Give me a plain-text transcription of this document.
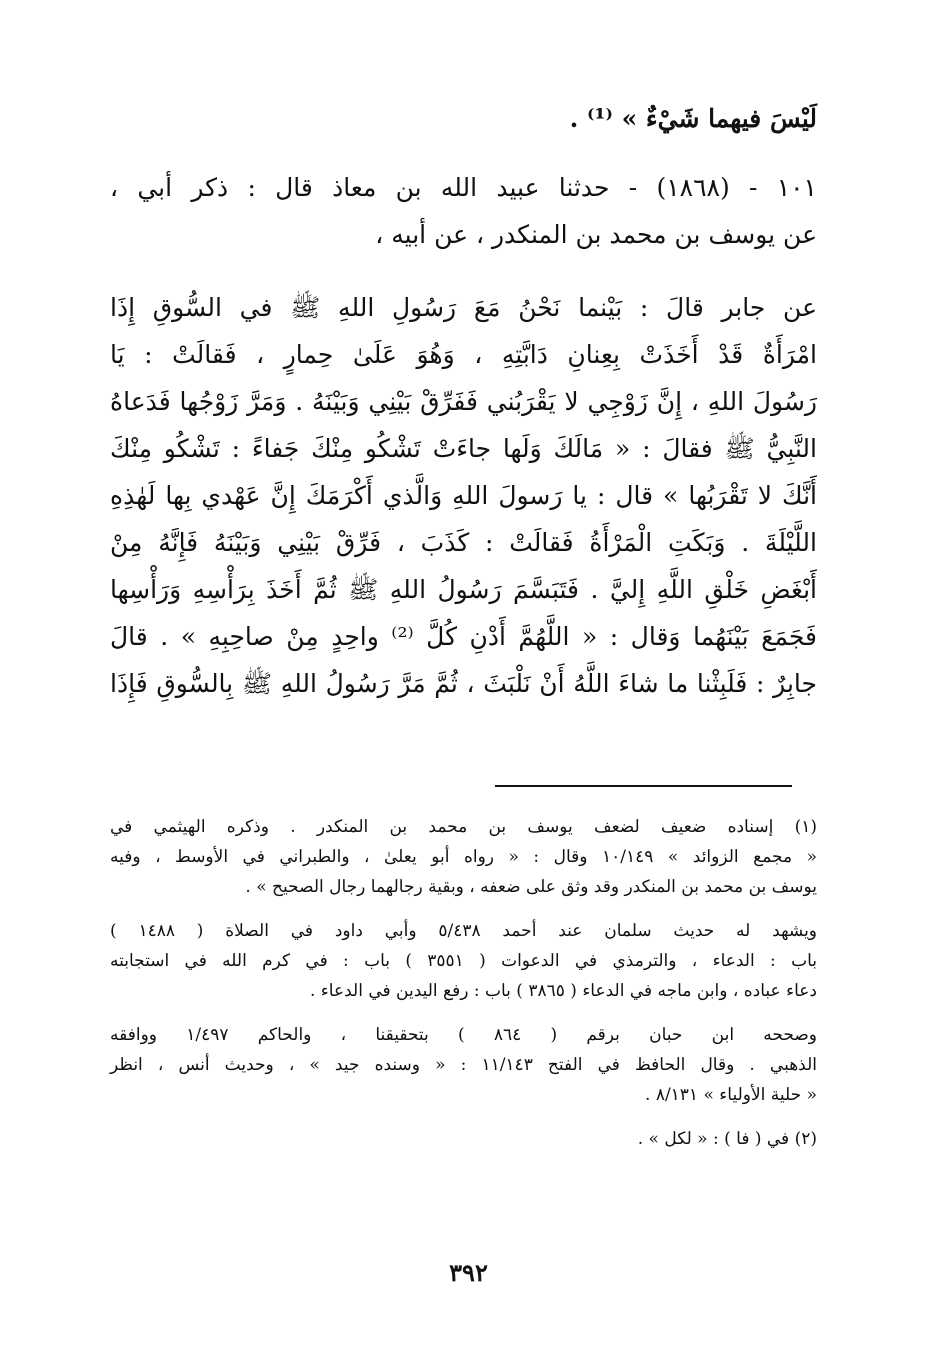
لَيْسَ فيهما شَيْءٌ » ⁽¹⁾ .
١٠١ - (١٨٦٨) - حدثنا عبيد الله بن معاذ قال : ذكر أبي ،
عن يوسف بن محمد بن المنكدر ، عن أبيه ،
عن جابر قالَ : بَيْنما نَحْنُ مَعَ رَسُولِ اللهِ ﷺ في السُّوقِ إِذَا
امْرَأَةٌ قَدْ أَخَذَتْ بِعِنانِ دَابَّتِهِ ، وَهُوَ عَلَىٰ حِمارٍ ، فَقالَتْ : يَا
رَسُولَ اللهِ ، إِنَّ زَوْجِي لا يَقْرَبُني فَفَرِّقْ بَيْنِي وَبَيْنَهُ . وَمَرَّ زَوْجُها فَدَعاهُ
النَّبِيُّ ﷺ فقالَ : « مَالَكَ وَلَها جاءَتْ تَشْكُو مِنْكَ جَفاءً : تَشْكُو مِنْكَ
أَنَّكَ لا تَقْرَبُها » قال : يا رَسولَ اللهِ وَالَّذي أَكْرَمَكَ إِنَّ عَهْدي بِها لَهٰذِهِ
اللَّيْلَةَ . وَبَكَتِ الْمَرْأَةُ فَقالَتْ : كَذَبَ ، فَرِّقْ بَيْنِي وَبَيْنَهُ فَإِنَّهُ مِنْ
أَبْغَضِ خَلْقِ اللَّهِ إِليَّ . فَتَبَسَّمَ رَسُولُ اللهِ ﷺ ثُمَّ أَخَذَ بِرَأْسِهِ وَرَأْسِها
فَجَمَعَ بَيْنَهُما وَقال : « اللَّهُمَّ أَدْنِ كُلَّ ⁽²⁾ واحِدٍ مِنْ صاحِبِهِ » . قالَ
جابِرٌ : فَلَبِثْنا ما شاءَ اللَّهُ أَنْ نَلْبَثَ ، ثُمَّ مَرَّ رَسُولُ اللهِ ﷺ بِالسُّوقِ فَإِذَا
(١) إسناده ضعيف لضعف يوسف بن محمد بن المنكدر . وذكره الهيثمي في
« مجمع الزوائد » ١٠/١٤٩ وقال : « رواه أبو يعلىٰ ، والطبراني في الأوسط ، وفيه
يوسف بن محمد بن المنكدر وقد وثق على ضعفه ، وبقية رجالهما رجال الصحيح » .
ويشهد له حديث سلمان عند أحمد ٥/٤٣٨ وأبي داود في الصلاة ( ١٤٨٨ )
باب : الدعاء ، والترمذي في الدعوات ( ٣٥٥١ ) باب : في كرم الله في استجابته
دعاء عباده ، وابن ماجه في الدعاء ( ٣٨٦٥ ) باب : رفع اليدين في الدعاء .
وصححه ابن حبان برقم ( ٨٦٤ ) بتحقيقنا ، والحاكم ١/٤٩٧ ووافقه
الذهبي . وقال الحافظ في الفتح ١١/١٤٣ : « وسنده جيد » ، وحديث أنس ، انظر
« حلية الأولياء » ٨/١٣١ .
(٢) في ( فا ) : « لكل » .
٣٩٢
